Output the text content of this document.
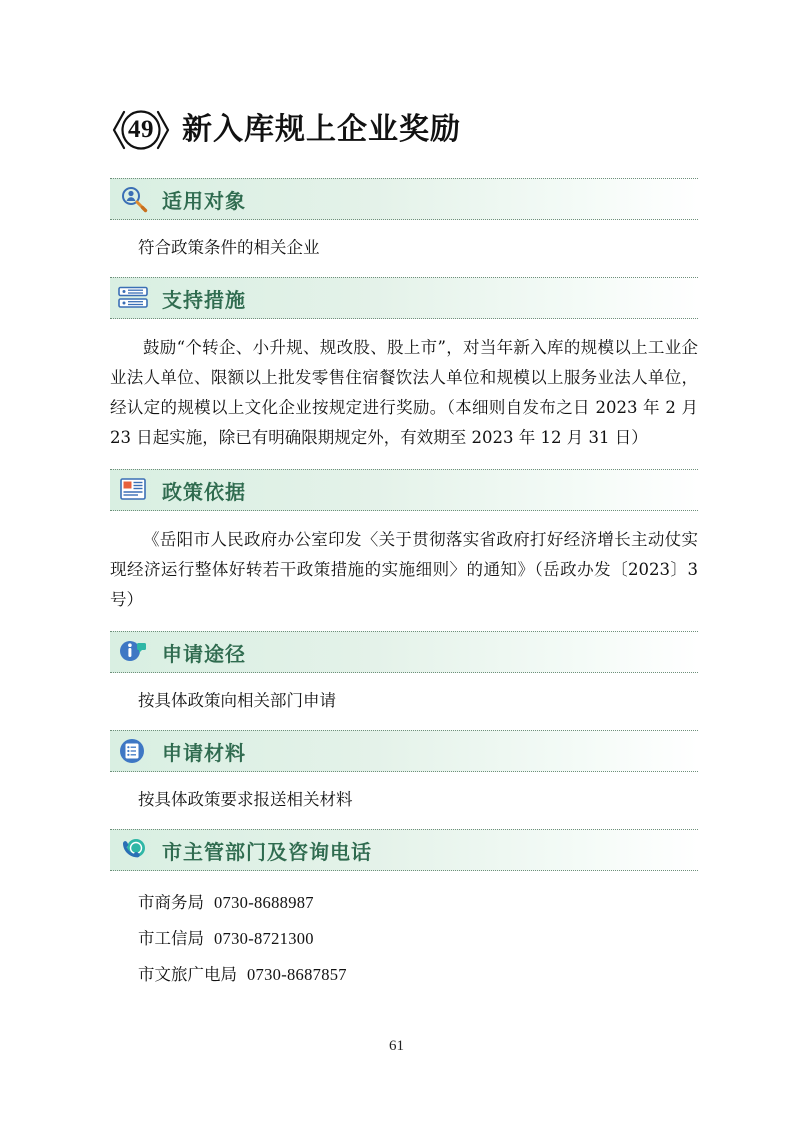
49 新入库规上企业奖励
适用对象
符合政策条件的相关企业
支持措施
鼓励“个转企、小升规、规改股、股上市”，对当年新入库的规模以上工业企业法人单位、限额以上批发零售住宿餐饮法人单位和规模以上服务业法人单位，经认定的规模以上文化企业按规定进行奖励。（本细则自发布之日 2023 年 2 月 23 日起实施，除已有明确限期规定外，有效期至 2023 年 12 月 31 日）
政策依据
《岳阳市人民政府办公室印发〈关于贯彻落实省政府打好经济增长主动仗实现经济运行整体好转若干政策措施的实施细则〉的通知》（岳政办发〔2023〕3 号）
申请途径
按具体政策向相关部门申请
申请材料
按具体政策要求报送相关材料
市主管部门及咨询电话
市商务局 0730-8688987
市工信局 0730-8721300
市文旅广电局 0730-8687857
61
